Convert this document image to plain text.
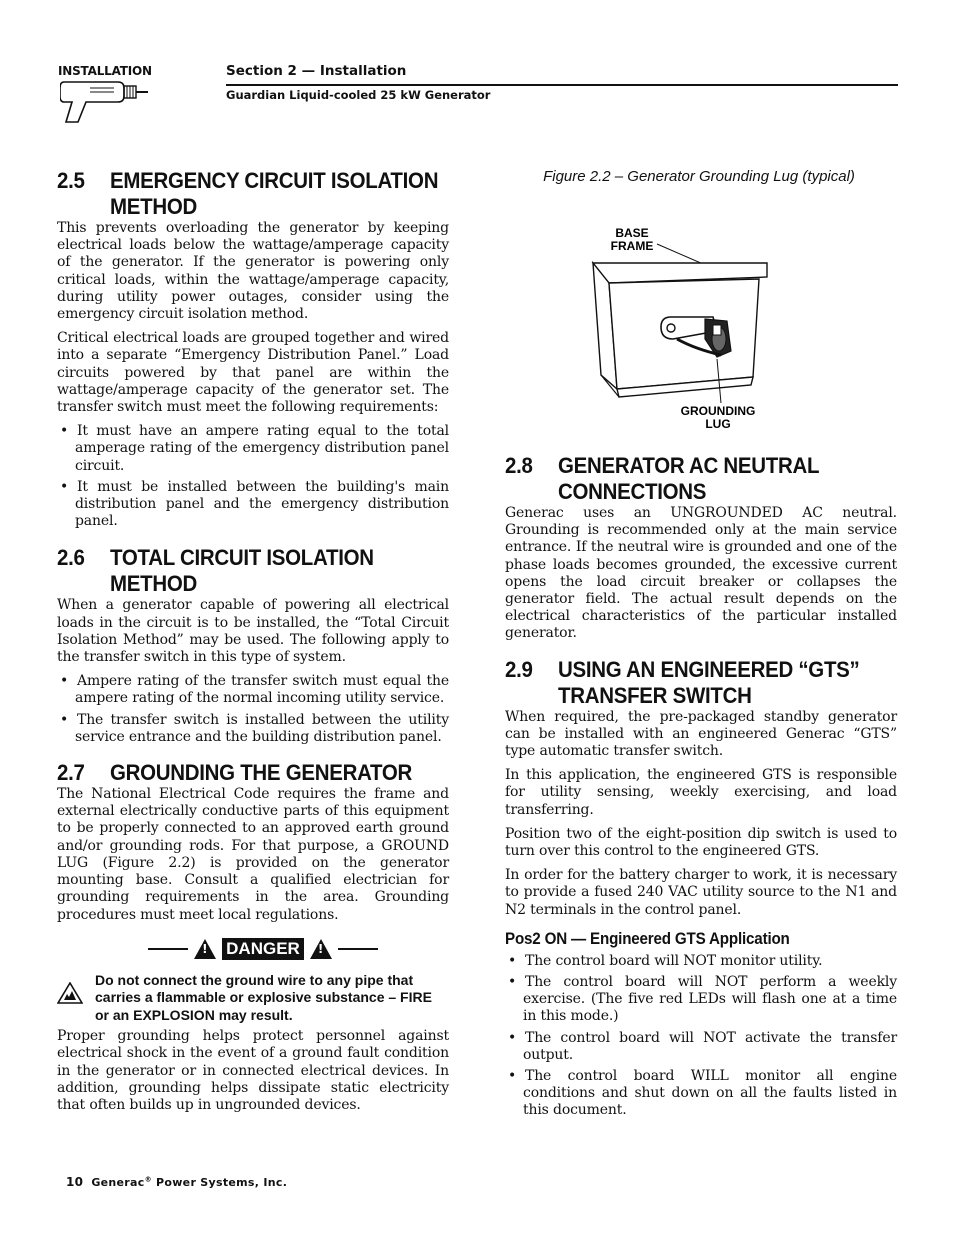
INSTALLATION	Section 2 — Installation
Guardian Liquid-cooled 25 kW Generator
2.5	EMERGENCY CIRCUIT ISOLATION METHOD

This prevents overloading the generator by keeping electrical loads below the wattage/amperage capacity of the generator. If the generator is powering only critical loads, within the wattage/amperage capacity, during utility power outages, consider using the emergency circuit isolation method.

Critical electrical loads are grouped together and wired into a separate “Emergency Distribution Panel.” Load circuits powered by that panel are within the wattage/amperage capacity of the generator set. The transfer switch must meet the following requirements:

• It must have an ampere rating equal to the total amperage rating of the emergency distribution panel circuit.
• It must be installed between the building's main distribution panel and the emergency distribution panel.
2.6	TOTAL CIRCUIT ISOLATION METHOD

When a generator capable of powering all electrical loads in the circuit is to be installed, the “Total Circuit Isolation Method” may be used. The following apply to the transfer switch in this type of system.

• Ampere rating of the transfer switch must equal the ampere rating of the normal incoming utility service.
• The transfer switch is installed between the utility service entrance and the building distribution panel.
2.7	GROUNDING THE GENERATOR

The National Electrical Code requires the frame and external electrically conductive parts of this equipment to be properly connected to an approved earth ground and/or grounding rods. For that purpose, a GROUND LUG (Figure 2.2) is provided on the generator mounting base. Consult a qualified electrician for grounding requirements in the area. Grounding procedures must meet local regulations.

! DANGER	!
Do not connect the ground wire to any pipe that carries a flammable or explosive substance – FIRE or an EXPLOSION may result.

Proper grounding helps protect personnel against electrical shock in the event of a ground fault condition in the generator or in connected electrical devices. In addition, grounding helps dissipate static electricity that often builds up in ungrounded devices.

Figure 2.2 – Generator Grounding Lug (typical)
BASE
FRAME
GROUNDING
LUG
2.8	GENERATOR AC NEUTRAL CONNECTIONS

Generac uses an UNGROUNDED AC neutral. Grounding is recommended only at the main service entrance. If the neutral wire is grounded and one of the phase loads becomes grounded, the excessive current opens the load circuit breaker or collapses the generator field. The actual result depends on the electrical characteristics of the particular installed generator.

2.9	USING AN ENGINEERED “GTS” TRANSFER SWITCH

When required, the pre-packaged standby generator can be installed with an engineered Generac “GTS” type automatic transfer switch.

In this application, the engineered GTS is responsible for utility sensing, weekly exercising, and load transferring.

Position two of the eight-position dip switch is used to turn over this control to the engineered GTS.

In order for the battery charger to work, it is necessary to provide a fused 240 VAC utility source to the N1 and N2 terminals in the control panel.

Pos2 ON — Engineered GTS Application
• The control board will NOT monitor utility.
• The control board will NOT perform a weekly exercise. (The five red LEDs will flash one at a time in this mode.)
• The control board will NOT activate the transfer output.
• The control board WILL monitor all engine conditions and shut down on all the faults listed in this document.
10 Generac® Power Systems, Inc.
